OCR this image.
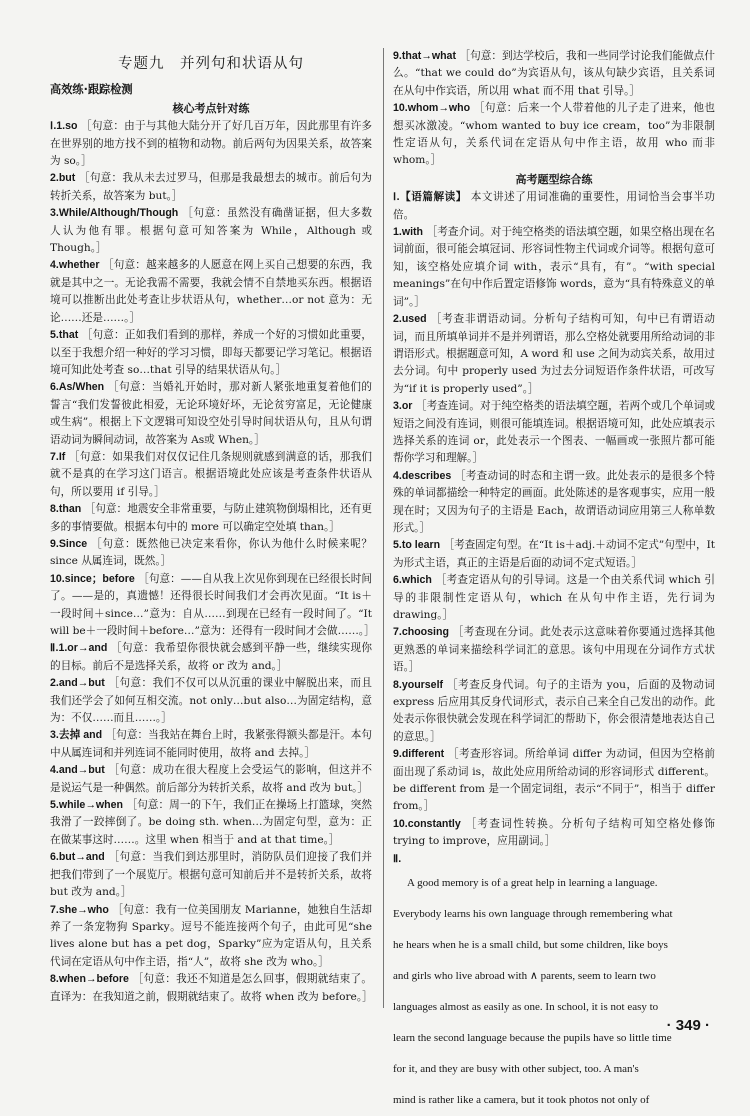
专题九　并列句和状语从句
高效练·跟踪检测
核心考点针对练

Ⅰ.1.so ［句意：由于与其他大陆分开了好几百万年，因此那里有许多在世界别的地方找不到的植物和动物。前后两句为因果关系，故答案为 so。］

2.but ［句意：我从未去过罗马，但那是我最想去的城市。前后句为转折关系，故答案为 but。］

3.While/Although/Though ［句意：虽然没有确凿证据，但大多数人认为他有罪。根据句意可知答案为 While，Although 或 Though。］

4.whether ［句意：越来越多的人愿意在网上买自己想要的东西，我就是其中之一。无论我需不需要，我就会情不自禁地买东西。根据语境可以推断出此处考查让步状语从句，whether…or not 意为：无论……还是……。］

5.that ［句意：正如我们看到的那样，养成一个好的习惯如此重要，以至于我想介绍一种好的学习习惯，即每天都要记学习笔记。根据语境可知此处考查 so…that 引导的结果状语从句。］

6.As/When ［句意：当婚礼开始时，那对新人紧张地重复着他们的誓言“我们发誓彼此相爱，无论环境好坏，无论贫穷富足，无论健康或生病”。根据上下文逻辑可知设空处引导时间状语从句，且从句谓语动词为瞬间动词，故答案为 As或 When。］

7.If ［句意：如果我们对仅仅记住几条规则就感到满意的话，那我们就不是真的在学习这门语言。根据语境此处应该是考查条件状语从句，所以要用 if 引导。］

8.than ［句意：地震安全非常重要，与防止建筑物倒塌相比，还有更多的事情要做。根据本句中的 more 可以确定空处填 than。］

9.Since ［句意：既然他已决定来看你，你认为他什么时候来呢？since 从属连词，既然。］

10.since；before ［句意：——自从我上次见你到现在已经很长时间了。——是的，真遗憾！还得很长时间我们才会再次见面。“It is＋一段时间＋since…”意为：自从……到现在已经有一段时间了。“It will be＋一段时间＋before…”意为：还得有一段时间才会做……。］

Ⅱ.1.or→and ［句意：我希望你很快就会感到平静一些，继续实现你的目标。前后不是选择关系，故将 or 改为 and。］

2.and→but ［句意：我们不仅可以从沉重的课业中解脱出来，而且我们还学会了如何互相交流。not only…but also…为固定结构，意为：不仅……而且……。］

3.去掉 and ［句意：当我站在舞台上时，我紧张得额头都是汗。本句中从属连词和并列连词不能同时使用，故将 and 去掉。］

4.and→but ［句意：成功在很大程度上会受运气的影响，但这并不是说运气是一种偶然。前后部分为转折关系，故将 and 改为 but。］

5.while→when ［句意：周一的下午，我们正在操场上打篮球，突然我滑了一跤摔倒了。be doing sth. when…为固定句型，意为：正在做某事这时……。这里 when 相当于 and at that time。］

6.but→and ［句意：当我们到达那里时，消防队员们迎接了我们并把我们带到了一个展览厅。根据句意可知前后并不是转折关系，故将 but 改为 and。］

7.she→who ［句意：我有一位美国朋友 Marianne，她独自生活却养了一条宠物狗 Sparky。逗号不能连接两个句子，由此可见“she lives alone but has a pet dog，Sparky”应为定语从句，且关系代词在定语从句中作主语，指“人”，故将 she 改为 who。］

8.when→before ［句意：我还不知道是怎么回事，假期就结束了。直译为：在我知道之前，假期就结束了。故将 when 改为 before。］

9.that→what ［句意：到达学校后，我和一些同学讨论我们能做点什么。“that we could do”为宾语从句，该从句缺少宾语，且关系词在从句中作宾语，所以用 what 而不用 that 引导。］

10.whom→who ［句意：后来一个人带着他的儿子走了进来，他也想买冰激凌。“whom wanted to buy ice cream，too”为非限制性定语从句，关系代词在定语从句中作主语，故用 who 而非 whom。］

高考题型综合练

Ⅰ.【语篇解读】 本文讲述了用词准确的重要性，用词恰当会事半功倍。

1.with ［考查介词。对于纯空格类的语法填空题，如果空格出现在名词前面，很可能会填冠词、形容词性物主代词或介词等。根据句意可知，该空格处应填介词 with，表示“具有，有”。“with special meanings”在句中作后置定语修饰 words，意为“具有特殊意义的单词”。］

2.used ［考查非谓语动词。分析句子结构可知，句中已有谓语动词，而且所填单词并不是并列谓语，那么空格处就要用所给动词的非谓语形式。根据题意可知，A word 和 use 之间为动宾关系，故用过去分词。句中 properly used 为过去分词短语作条件状语，可改写为“if it is properly used”。］

3.or ［考查连词。对于纯空格类的语法填空题，若两个或几个单词或短语之间没有连词，则很可能填连词。根据语境可知，此处应填表示选择关系的连词 or，此处表示一个图表、一幅画或一张照片都可能帮你学习和理解。］

4.describes ［考查动词的时态和主谓一致。此处表示的是很多个特殊的单词都描绘一种特定的画面。此处陈述的是客观事实，应用一般现在时；又因为句子的主语是 Each，故谓语动词应用第三人称单数形式。］

5.to learn ［考查固定句型。在“It is＋adj.＋动词不定式”句型中，It 为形式主语，真正的主语是后面的动词不定式短语。］

6.which ［考查定语从句的引导词。这是一个由关系代词 which 引导的非限制性定语从句，which 在从句中作主语，先行词为 drawing。］

7.choosing ［考查现在分词。此处表示这意味着你要通过选择其他更熟悉的单词来描绘科学词汇的意思。该句中用现在分词作方式状语。］

8.yourself ［考查反身代词。句子的主语为 you，后面的及物动词 express 后应用其反身代词形式，表示自己来全自己发出的动作。此处表示你很快就会发现在科学词汇的帮助下，你会很清楚地表达自己的意思。］

9.different ［考查形容词。所给单词 differ 为动词，但因为空格前面出现了系动词 is，故此处应用所给动词的形容词形式 different。be different from 是一个固定词组，表示“不同于”，相当于 differ from。］

10.constantly ［考查词性转换。分析句子结构可知空格处修饰 trying to improve，应用副词。］

Ⅱ.

A good memory is of a great help in learning a language.

Everybody learns his own language through remembering what

he hears when he is a small child, but some children, like boys

and girls who live abroad with ∧ parents, seem to learn two

languages almost as easily as one. In school, it is not easy to

learn the second language because the pupils have so little time

for it, and they are busy with other subject, too. A man's

mind is rather like a camera, but it took photos not only of

· 349 ·
